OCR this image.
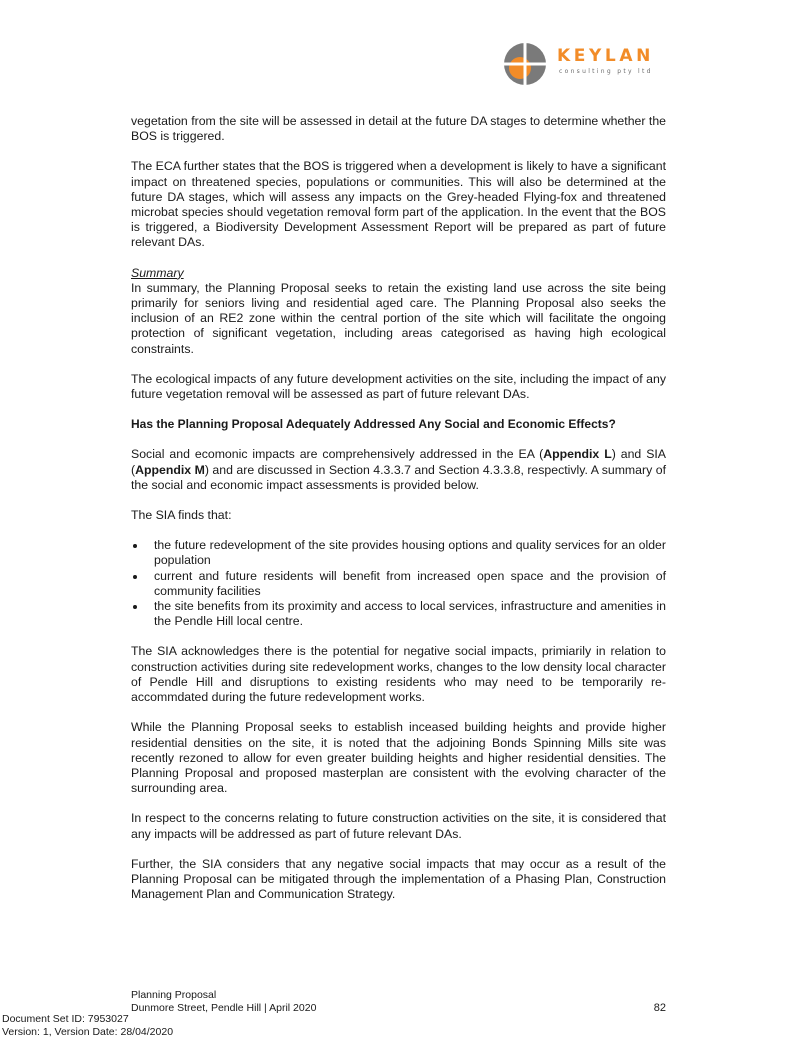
KEYLAN
consulting pty ltd

vegetation from the site will be assessed in detail at the future DA stages to determine whether the BOS is triggered.

The ECA further states that the BOS is triggered when a development is likely to have a significant impact on threatened species, populations or communities. This will also be determined at the future DA stages, which will assess any impacts on the Grey-headed Flying-fox and threatened microbat species should vegetation removal form part of the application. In the event that the BOS is triggered, a Biodiversity Development Assessment Report will be prepared as part of future relevant DAs.

Summary

In summary, the Planning Proposal seeks to retain the existing land use across the site being primarily for seniors living and residential aged care. The Planning Proposal also seeks the inclusion of an RE2 zone within the central portion of the site which will facilitate the ongoing protection of significant vegetation, including areas categorised as having high ecological constraints.

The ecological impacts of any future development activities on the site, including the impact of any future vegetation removal will be assessed as part of future relevant DAs.

Has the Planning Proposal Adequately Addressed Any Social and Economic Effects?

Social and ecomonic impacts are comprehensively addressed in the EA (Appendix L) and SIA (Appendix M) and are discussed in Section 4.3.3.7 and Section 4.3.3.8, respectivly. A summary of the social and economic impact assessments is provided below.

The SIA finds that:

the future redevelopment of the site provides housing options and quality services for an older population
current and future residents will benefit from increased open space and the provision of community facilities
the site benefits from its proximity and access to local services, infrastructure and amenities in the Pendle Hill local centre.

The SIA acknowledges there is the potential for negative social impacts, primiarily in relation to construction activities during site redevelopment works, changes to the low density local character of Pendle Hill and disruptions to existing residents who may need to be temporarily re-accommdated during the future redevelopment works.

While the Planning Proposal seeks to establish inceased building heights and provide higher residential densities on the site, it is noted that the adjoining Bonds Spinning Mills site was recently rezoned to allow for even greater building heights and higher residential densities. The Planning Proposal and proposed masterplan are consistent with the evolving character of the surrounding area.

In respect to the concerns relating to future construction activities on the site, it is considered that any impacts will be addressed as part of future relevant DAs.

Further, the SIA considers that any negative social impacts that may occur as a result of the Planning Proposal can be mitigated through the implementation of a Phasing Plan, Construction Management Plan and Communication Strategy.

Planning Proposal
Dunmore Street, Pendle Hill | April 2020	82
Document Set ID: 7953027
Version: 1, Version Date: 28/04/2020
